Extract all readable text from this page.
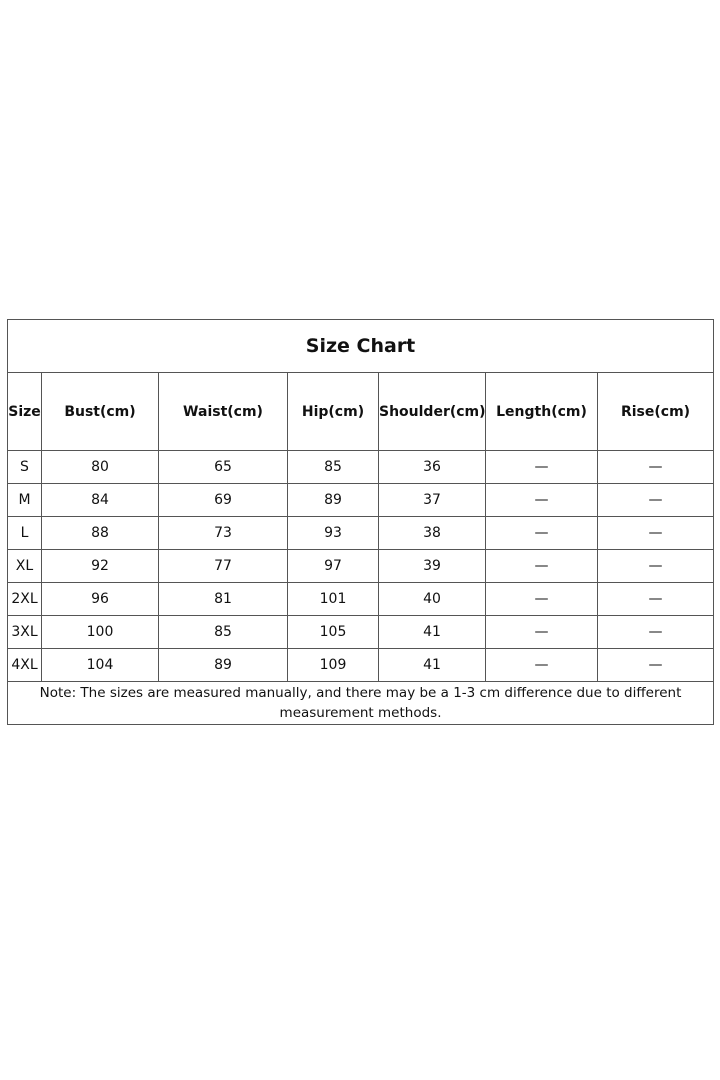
Size Chart						
Size	Bust(cm)	Waist(cm)	Hip(cm)	Shoulder(cm)	Length(cm)	Rise(cm)
S	80	65	85	36	—	—
M	84	69	89	37	—	—
L	88	73	93	38	—	—
XL	92	77	97	39	—	—
2XL	96	81	101	40	—	—
3XL	100	85	105	41	—	—
4XL	104	89	109	41	—	—
Note: The sizes are measured manually, and there may be a 1-3 cm difference due to different measurement methods.						
